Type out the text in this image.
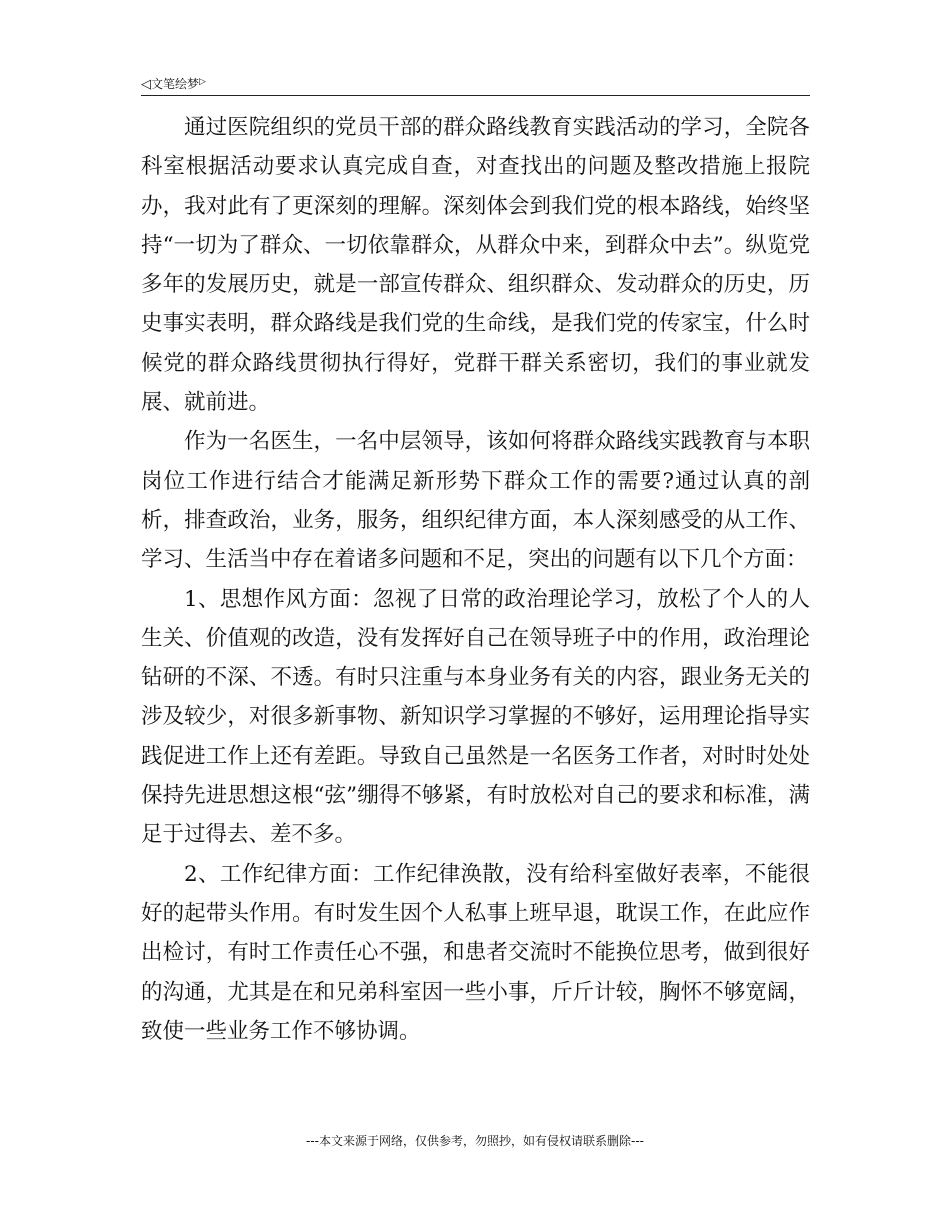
◁文笔绘梦▷

通过医院组织的党员干部的群众路线教育实践活动的学习，全院各科室根据活动要求认真完成自查，对查找出的问题及整改措施上报院办，我对此有了更深刻的理解。深刻体会到我们党的根本路线，始终坚持“一切为了群众、一切依靠群众，从群众中来，到群众中去”。纵览党多年的发展历史，就是一部宣传群众、组织群众、发动群众的历史，历史事实表明，群众路线是我们党的生命线，是我们党的传家宝，什么时候党的群众路线贯彻执行得好，党群干群关系密切，我们的事业就发展、就前进。

作为一名医生，一名中层领导，该如何将群众路线实践教育与本职岗位工作进行结合才能满足新形势下群众工作的需要?通过认真的剖析，排查政治，业务，服务，组织纪律方面，本人深刻感受的从工作、学习、生活当中存在着诸多问题和不足，突出的问题有以下几个方面：

1、思想作风方面：忽视了日常的政治理论学习，放松了个人的人生关、价值观的改造，没有发挥好自己在领导班子中的作用，政治理论钻研的不深、不透。有时只注重与本身业务有关的内容，跟业务无关的涉及较少，对很多新事物、新知识学习掌握的不够好，运用理论指导实践促进工作上还有差距。导致自己虽然是一名医务工作者，对时时处处保持先进思想这根“弦”绷得不够紧，有时放松对自己的要求和标准，满足于过得去、差不多。

2、工作纪律方面：工作纪律涣散，没有给科室做好表率，不能很好的起带头作用。有时发生因个人私事上班早退，耽误工作，在此应作出检讨，有时工作责任心不强，和患者交流时不能换位思考，做到很好的沟通，尤其是在和兄弟科室因一些小事，斤斤计较，胸怀不够宽阔，致使一些业务工作不够协调。

---本文来源于网络，仅供参考，勿照抄，如有侵权请联系删除---
